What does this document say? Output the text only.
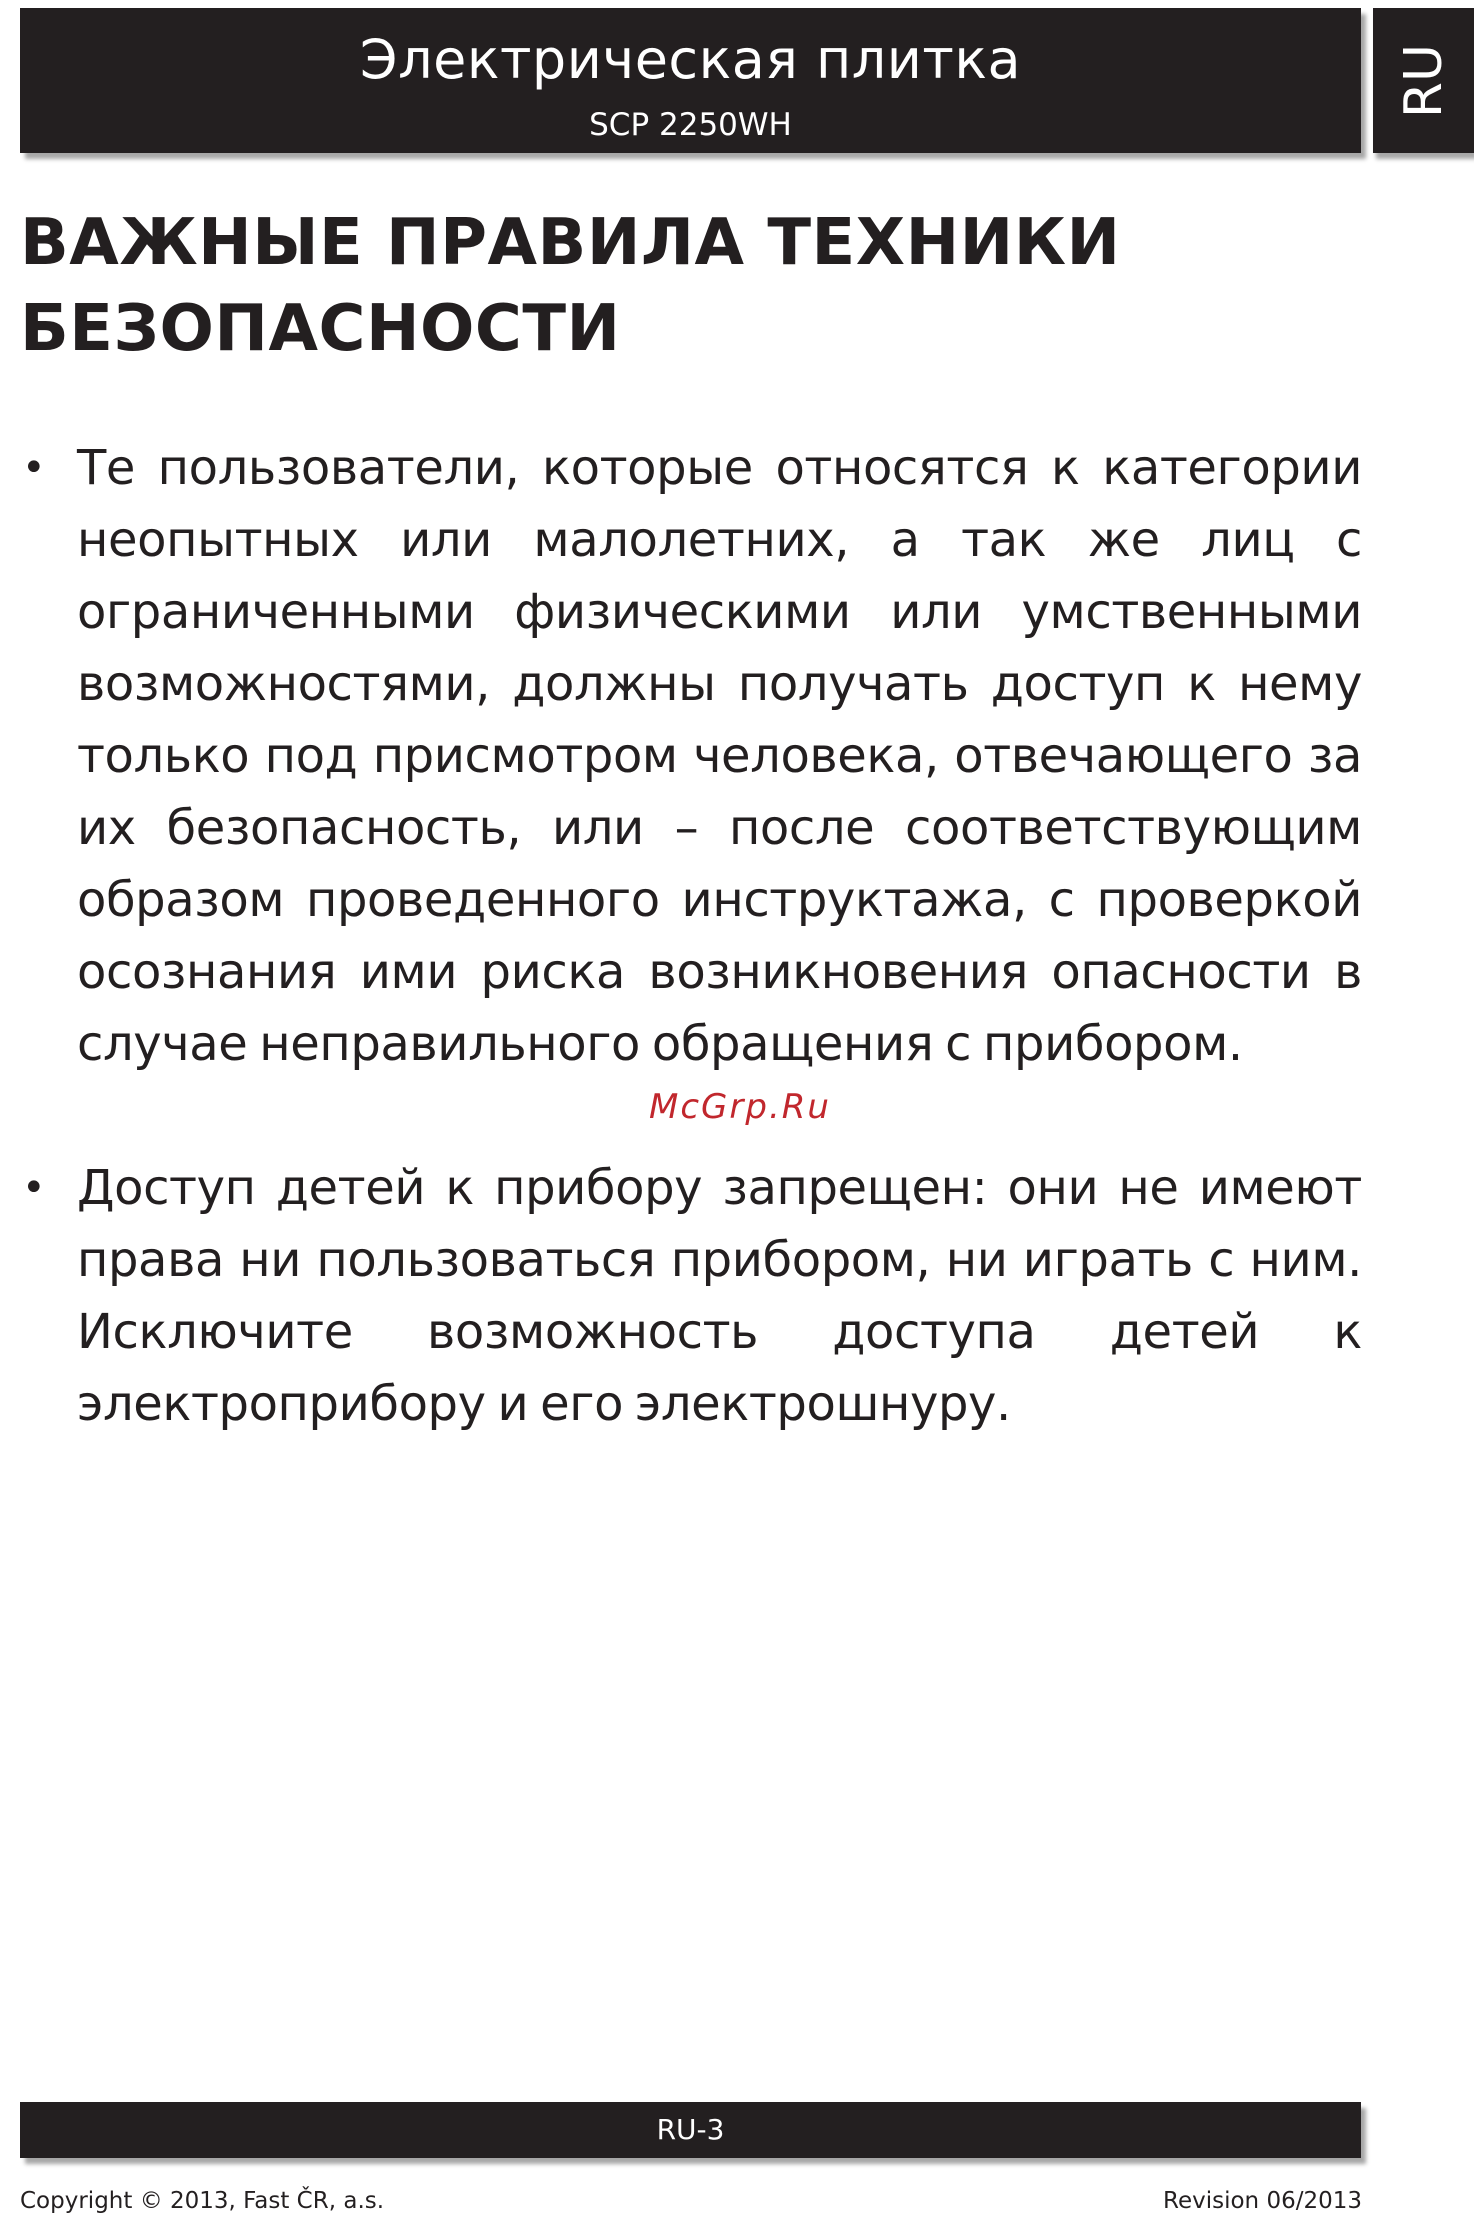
Электрическая плитка
SCP 2250WH
RU
ВАЖНЫЕ ПРАВИЛА ТЕХНИКИ
БЕЗОПАСНОСТИ
• Те пользователи, которые относятся к категории неопытных или малолетних, а так же лиц с ограниченными физическими или умственными возможностями, должны получать доступ к нему только под присмотром человека, отвечающего за их безопасность, или – после соответствующим образом проведенного инструктажа, с проверкой осознания ими риска возникновения опасности в случае неправильного обращения с прибором.
• Доступ детей к прибору запрещен: они не имеют права ни пользоваться прибором, ни играть с ним. Исключите возможность доступа детей к электроприбору и его электрошнуру.
McGrp.Ru
RU-3
Copyright © 2013, Fast ČR, a.s.	Revision 06/2013
